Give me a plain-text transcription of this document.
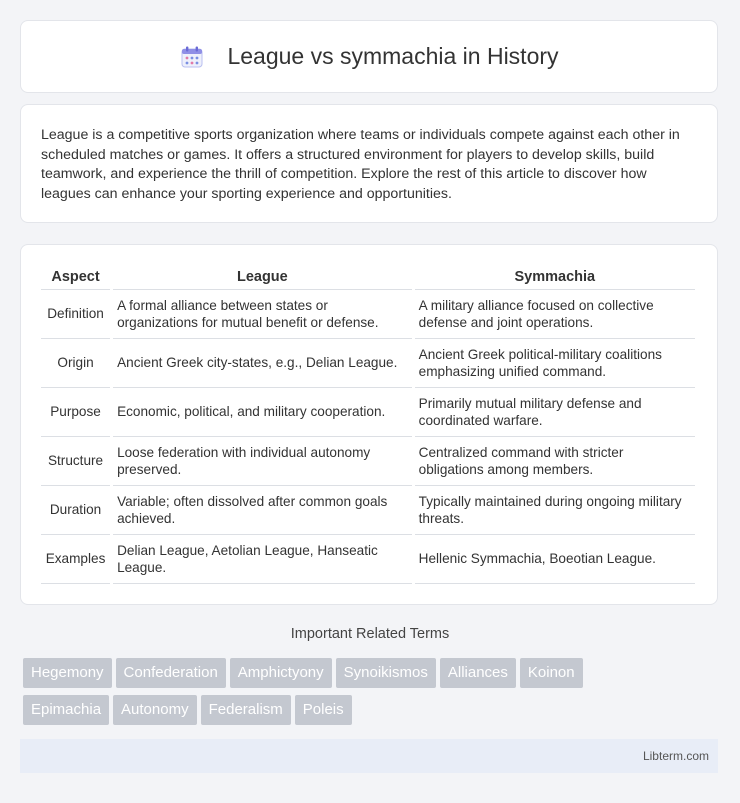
League vs symmachia in History
League is a competitive sports organization where teams or individuals compete against each other in scheduled matches or games. It offers a structured environment for players to develop skills, build teamwork, and experience the thrill of competition. Explore the rest of this article to discover how leagues can enhance your sporting experience and opportunities.
Aspect	League	Symmachia
Definition	A formal alliance between states or organizations for mutual benefit or defense.	A military alliance focused on collective defense and joint operations.
Origin	Ancient Greek city-states, e.g., Delian League.	Ancient Greek political-military coalitions emphasizing unified command.
Purpose	Economic, political, and military cooperation.	Primarily mutual military defense and coordinated warfare.
Structure	Loose federation with individual autonomy preserved.	Centralized command with stricter obligations among members.
Duration	Variable; often dissolved after common goals achieved.	Typically maintained during ongoing military threats.
Examples	Delian League, Aetolian League, Hanseatic League.	Hellenic Symmachia, Boeotian League.
Important Related Terms
Hegemony Confederation Amphictyony Synoikismos Alliances Koinon
Epimachia Autonomy Federalism Poleis
Libterm.com
